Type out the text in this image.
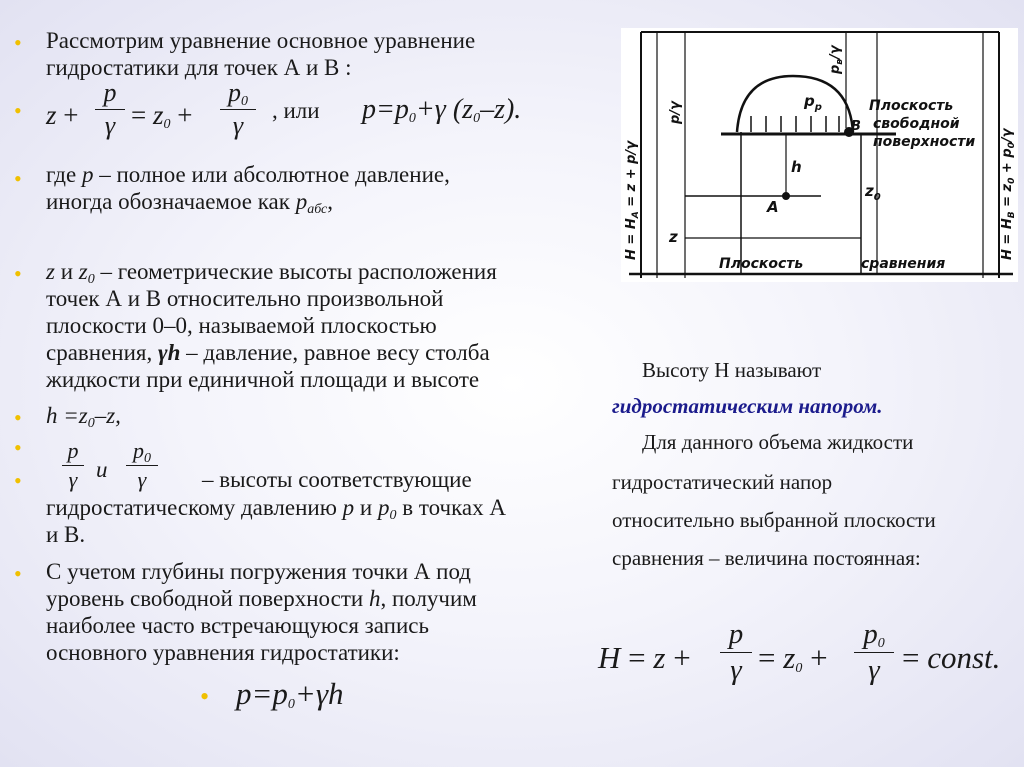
• Рассмотрим уравнение основное уравнение
гидростатики для точек А и В :
• z +
p
$\gamma = z_0$ +
$p_0$
γ
, или $p=p_0+\gamma$ $(z_0-z)$.
• где p – полное или абсолютное давление,
иногда обозначаемое как $p_{абс}$,
• z и $z_0$ – геометрические высоты расположения
точек А и В относительно произвольной
плоскости 0–0, называемой плоскостью
сравнения, γh – давление, равное весу столба
жидкости при единичной площади и высоте
• $h =z_0-z$,
•
•
p
γ и
$p_0$
γ	– высоты соответствующие
гидростатическому давлению p и $p_0$ в точках А
и В.
• С учетом глубины погружения точки А под
уровень свободной поверхности h, получим
наиболее часто встречающуюся запись
основного уравнения гидростатики:
• $p=p_0+\gamma h$
$p_р$	Плоскость
свободной
поверхности
h
A
B
z
$z_0$
Плоскость	сравнения
$H = H_A = z + p/\gamma$
$H = H_B = z_0 + p_0/\gamma$
p/γ
$p_в/\gamma$
Высоту Н называют
гидростатическим напором.
Для данного объема жидкости
гидростатический напор
относительно выбранной плоскости
сравнения – величина постоянная:
H = z +
p
$\gamma = z_0$ +
$p_0$
γ = const.
